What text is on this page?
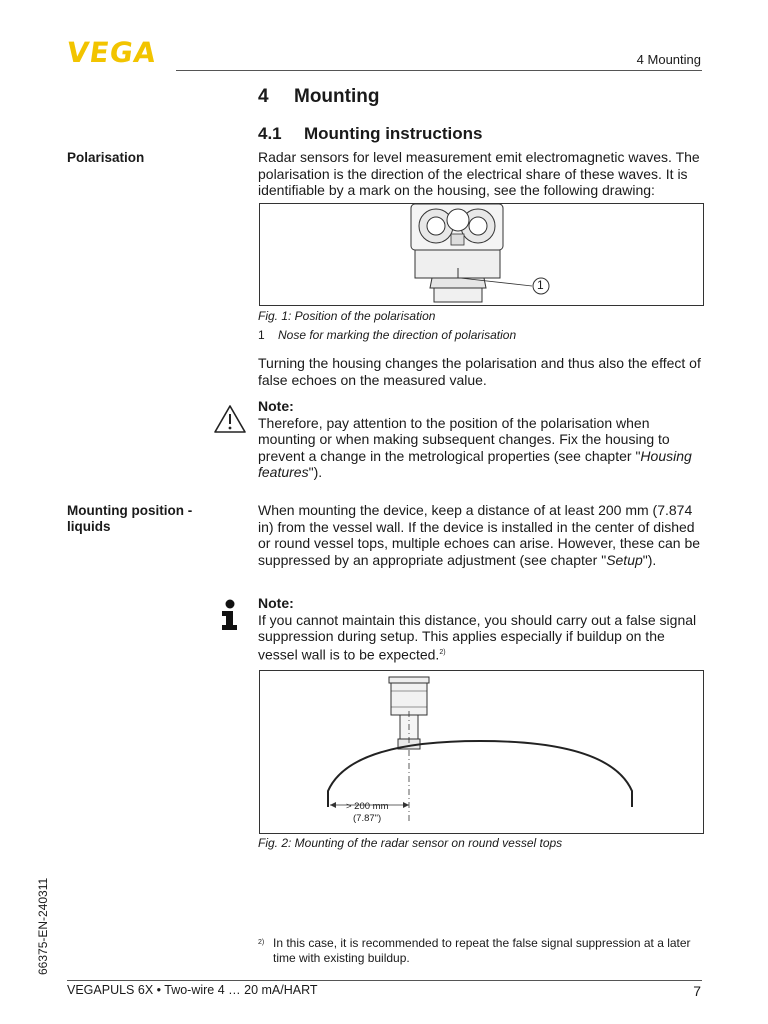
VEGA	4 Mounting
4 Mounting
4.1 Mounting instructions
Polarisation	Radar sensors for level measurement emit electromagnetic waves. The polarisation is the direction of the electrical share of these waves. It is identifiable by a mark on the housing, see the following drawing:
1
Fig. 1: Position of the polarisation
1 Nose for marking the direction of polarisation
Turning the housing changes the polarisation and thus also the effect of false echoes on the measured value.
Note:
Therefore, pay attention to the position of the polarisation when mounting or when making subsequent changes. Fix the housing to prevent a change in the metrological properties (see chapter "Housing features").
Mounting position -
liquids
When mounting the device, keep a distance of at least 200 mm (7.874 in) from the vessel wall. If the device is installed in the center of dished or round vessel tops, multiple echoes can arise. However, these can be suppressed by an appropriate adjustment (see chapter "Setup").
Note:
If you cannot maintain this distance, you should carry out a false signal suppression during setup. This applies especially if buildup on the vessel wall is to be expected.$^{2)}$
> 200 mm
(7.87")
Fig. 2: Mounting of the radar sensor on round vessel tops
2) In this case, it is recommended to repeat the false signal suppression at a later time with existing buildup.
66375-EN-240311
VEGAPULS 6X • Two-wire 4 … 20 mA/HART	7
